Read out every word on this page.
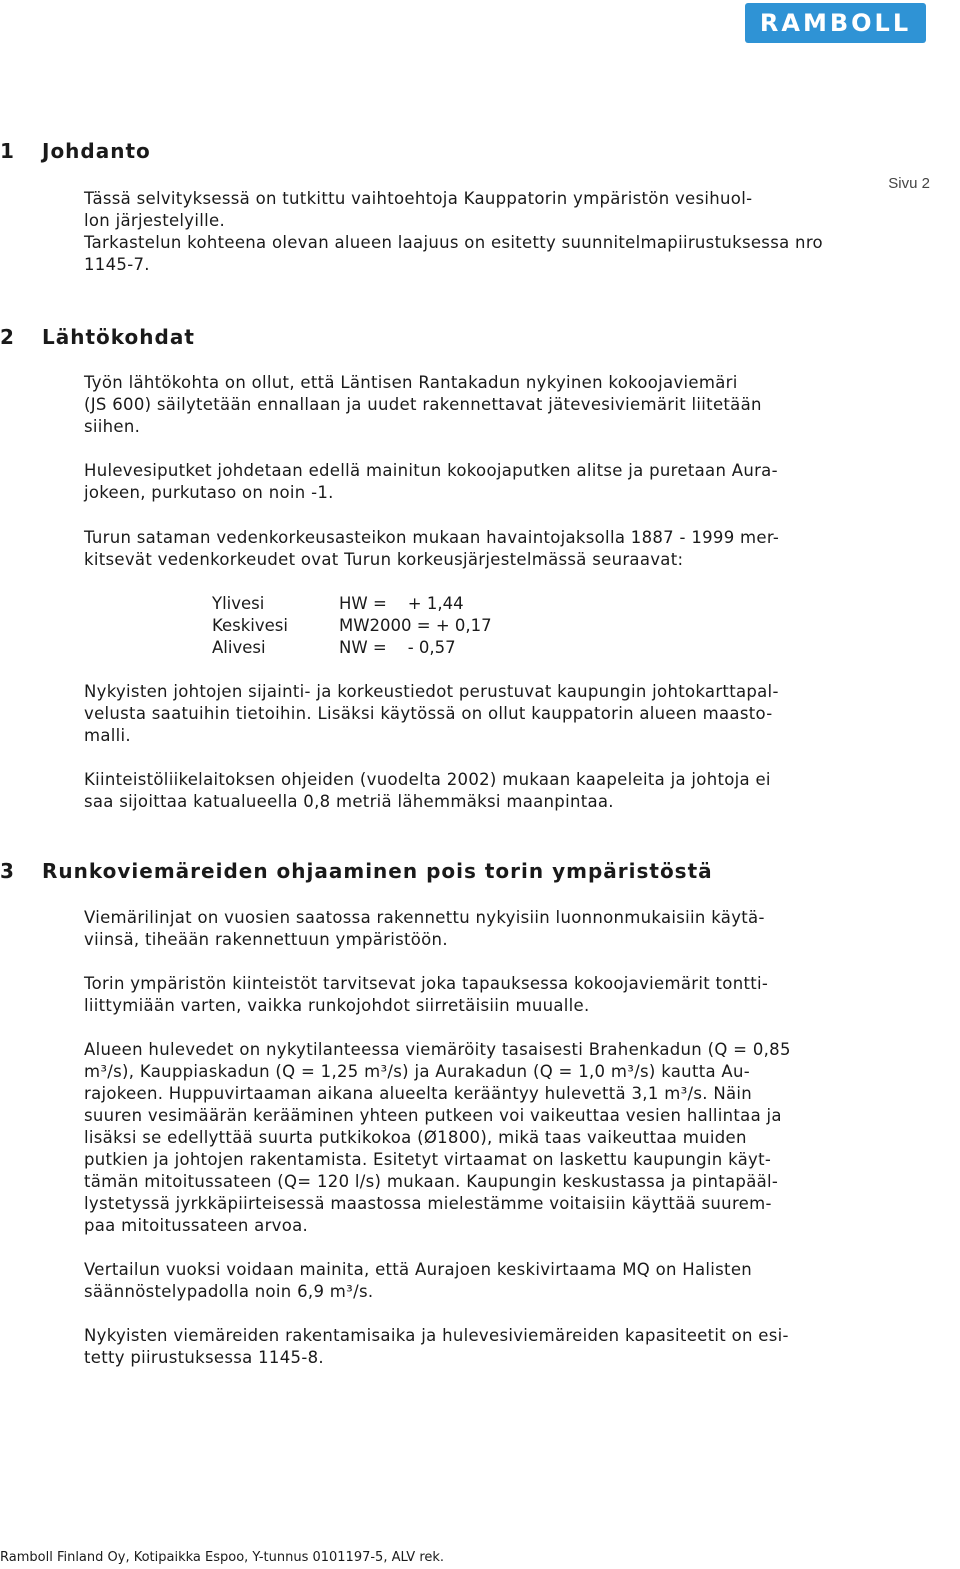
RAMBOLL
Sivu 2
1 Johdanto

Tässä selvityksessä on tutkittu vaihtoehtoja Kauppatorin ympäristön vesihuol-
lon järjestelyille.
Tarkastelun kohteena olevan alueen laajuus on esitetty suunnitelmapiirustuksessa nro
1145-7.

2 Lähtökohdat

Työn lähtökohta on ollut, että Läntisen Rantakadun nykyinen kokoojaviemäri
(JS 600) säilytetään ennallaan ja uudet rakennettavat jätevesiviemärit liitetään
siihen.

Hulevesiputket johdetaan edellä mainitun kokoojaputken alitse ja puretaan Aura-
jokeen, purkutaso on noin -1.

Turun sataman vedenkorkeusasteikon mukaan havaintojaksolla 1887 - 1999 mer-
kitsevät vedenkorkeudet ovat Turun korkeusjärjestelmässä seuraavat:

Ylivesi	HW =    + 1,44
Keskivesi	MW2000 = + 0,17
Alivesi	NW =    - 0,57

Nykyisten johtojen sijainti- ja korkeustiedot perustuvat kaupungin johtokarttapal-
velusta saatuihin tietoihin. Lisäksi käytössä on ollut kauppatorin alueen maasto-
malli.

Kiinteistöliikelaitoksen ohjeiden (vuodelta 2002) mukaan kaapeleita ja johtoja ei
saa sijoittaa katualueella 0,8 metriä lähemmäksi maanpintaa.

3 Runkoviemäreiden ohjaaminen pois torin ympäristöstä

Viemärilinjat on vuosien saatossa rakennettu nykyisiin luonnonmukaisiin käytä-
viinsä, tiheään rakennettuun ympäristöön.

Torin ympäristön kiinteistöt tarvitsevat joka tapauksessa kokoojaviemärit tontti-
liittymiään varten, vaikka runkojohdot siirretäisiin muualle.

Alueen hulevedet on nykytilanteessa viemäröity tasaisesti Brahenkadun (Q = 0,85
m³/s), Kauppiaskadun (Q = 1,25 m³/s) ja Aurakadun (Q = 1,0 m³/s) kautta Au-
rajokeen. Huppuvirtaaman aikana alueelta kerääntyy hulevettä 3,1 m³/s. Näin
suuren vesimäärän kerääminen yhteen putkeen voi vaikeuttaa vesien hallintaa ja
lisäksi se edellyttää suurta putkikokoa (Ø1800), mikä taas vaikeuttaa muiden
putkien ja johtojen rakentamista. Esitetyt virtaamat on laskettu kaupungin käyt-
tämän mitoitussateen (Q= 120 l/s) mukaan. Kaupungin keskustassa ja pintapääl-
lystetyssä jyrkkäpiirteisessä maastossa mielestämme voitaisiin käyttää suurem-
paa mitoitussateen arvoa.

Vertailun vuoksi voidaan mainita, että Aurajoen keskivirtaama MQ on Halisten
säännöstelypadolla noin 6,9 m³/s.

Nykyisten viemäreiden rakentamisaika ja hulevesiviemäreiden kapasiteetit on esi-
tetty piirustuksessa 1145-8.

Ramboll Finland Oy, Kotipaikka Espoo, Y-tunnus 0101197-5, ALV rek.
